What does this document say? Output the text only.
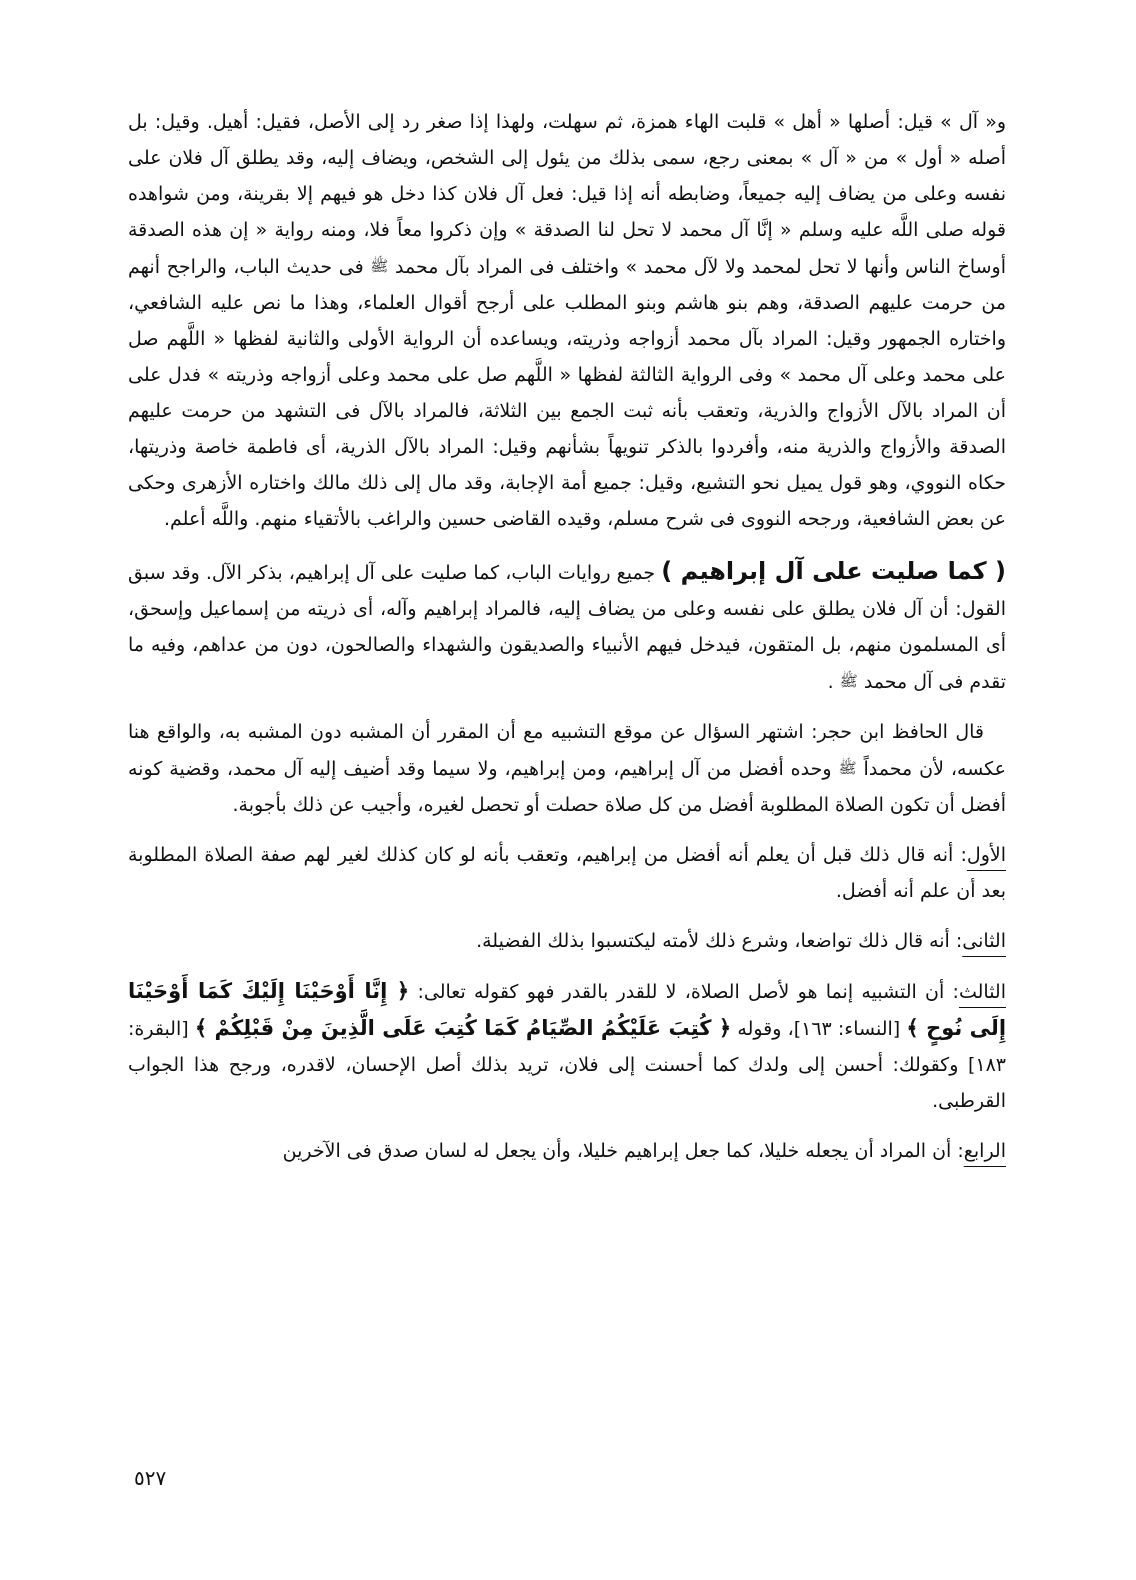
و« آل » قيل: أصلها « أهل » قلبت الهاء همزة، ثم سهلت، ولهذا إذا صغر رد إلى الأصل، فقيل: أهيل. وقيل: بل أصله « أول » من « آل » بمعنى رجع، سمى بذلك من يئول إلى الشخص، ويضاف إليه، وقد يطلق آل فلان على نفسه وعلى من يضاف إليه جميعاً، وضابطه أنه إذا قيل: فعل آل فلان كذا دخل هو فيهم إلا بقرينة، ومن شواهده قوله صلى اللَّه عليه وسلم « إنَّا آل محمد لا تحل لنا الصدقة » وإن ذكروا معاً فلا، ومنه رواية « إن هذه الصدقة أوساخ الناس وأنها لا تحل لمحمد ولا لآل محمد » واختلف فى المراد بآل محمد ﷺ فى حديث الباب، والراجح أنهم من حرمت عليهم الصدقة، وهم بنو هاشم وبنو المطلب على أرجح أقوال العلماء، وهذا ما نص عليه الشافعي، واختاره الجمهور وقيل: المراد بآل محمد أزواجه وذريته، ويساعده أن الرواية الأولى والثانية لفظها « اللَّهم صل على محمد وعلى آل محمد » وفى الرواية الثالثة لفظها « اللَّهم صل على محمد وعلى أزواجه وذريته » فدل على أن المراد بالآل الأزواج والذرية، وتعقب بأنه ثبت الجمع بين الثلاثة، فالمراد بالآل فى التشهد من حرمت عليهم الصدقة والأزواج والذرية منه، وأفردوا بالذكر تنويهاً بشأنهم وقيل: المراد بالآل الذرية، أى فاطمة خاصة وذريتها، حكاه النووي، وهو قول يميل نحو التشيع، وقيل: جميع أمة الإجابة، وقد مال إلى ذلك مالك واختاره الأزهرى وحكى عن بعض الشافعية، ورجحه النووى فى شرح مسلم، وقيده القاضى حسين والراغب بالأتقياء منهم. واللَّه أعلم.

( كما صليت على آل إبراهيم ) جميع روايات الباب، كما صليت على آل إبراهيم، بذكر الآل. وقد سبق القول: أن آل فلان يطلق على نفسه وعلى من يضاف إليه، فالمراد إبراهيم وآله، أى ذريته من إسماعيل وإسحق، أى المسلمون منهم، بل المتقون، فيدخل فيهم الأنبياء والصديقون والشهداء والصالحون، دون من عداهم، وفيه ما تقدم فى آل محمد ﷺ .

قال الحافظ ابن حجر: اشتهر السؤال عن موقع التشبيه مع أن المقرر أن المشبه دون المشبه به، والواقع هنا عكسه، لأن محمداً ﷺ وحده أفضل من آل إبراهيم، ومن إبراهيم، ولا سيما وقد أضيف إليه آل محمد، وقضية كونه أفضل أن تكون الصلاة المطلوبة أفضل من كل صلاة حصلت أو تحصل لغيره، وأجيب عن ذلك بأجوبة.

الأول: أنه قال ذلك قبل أن يعلم أنه أفضل من إبراهيم، وتعقب بأنه لو كان كذلك لغير لهم صفة الصلاة المطلوبة بعد أن علم أنه أفضل.

الثانى: أنه قال ذلك تواضعا، وشرع ذلك لأمته ليكتسبوا بذلك الفضيلة.

الثالث: أن التشبيه إنما هو لأصل الصلاة، لا للقدر بالقدر فهو كقوله تعالى: ﴿ إِنَّا أَوْحَيْنَا إِلَيْكَ كَمَا أَوْحَيْنَا إِلَى نُوحٍ ﴾ [النساء: ١٦٣]، وقوله ﴿ كُتِبَ عَلَيْكُمُ الصِّيَامُ كَمَا كُتِبَ عَلَى الَّذِينَ مِنْ قَبْلِكُمْ ﴾ [البقرة: ١٨٣] وكقولك: أحسن إلى ولدك كما أحسنت إلى فلان، تريد بذلك أصل الإحسان، لاقدره، ورجح هذا الجواب القرطبى.

الرابع: أن المراد أن يجعله خليلا، كما جعل إبراهيم خليلا، وأن يجعل له لسان صدق فى الآخرين

٥٢٧
